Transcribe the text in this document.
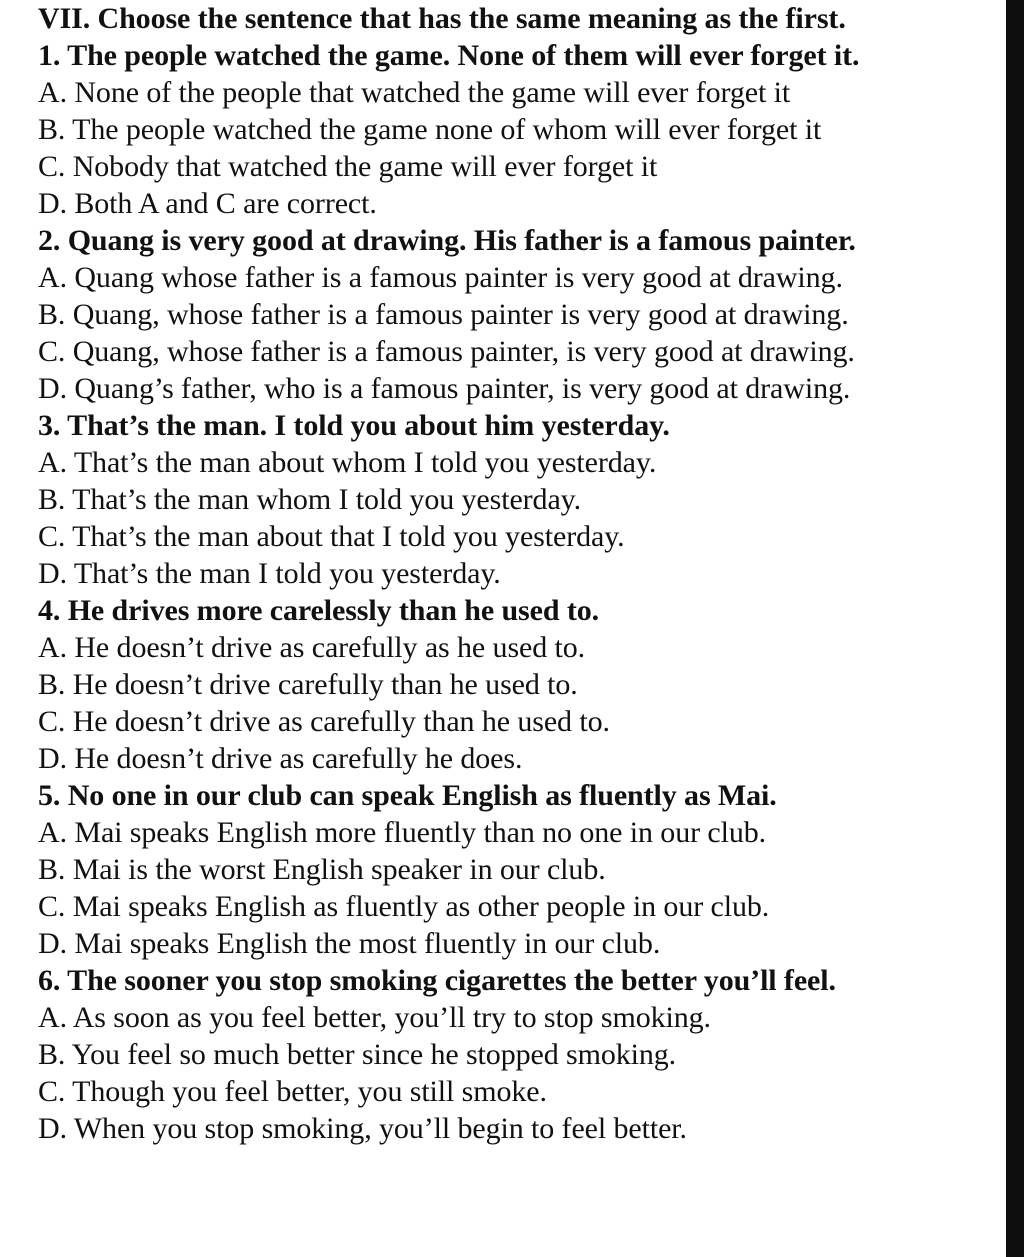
VII. Choose the sentence that has the same meaning as the first.
1. The people watched the game. None of them will ever forget it.
A. None of the people that watched the game will ever forget it
B. The people watched the game none of whom will ever forget it
C. Nobody that watched the game will ever forget it
D. Both A and C are correct.
2. Quang is very good at drawing. His father is a famous painter.
A. Quang whose father is a famous painter is very good at drawing.
B. Quang, whose father is a famous painter is very good at drawing.
C. Quang, whose father is a famous painter, is very good at drawing.
D. Quang’s father, who is a famous painter, is very good at drawing.
3. That’s the man. I told you about him yesterday.
A. That’s the man about whom I told you yesterday.
B. That’s the man whom I told you yesterday.
C. That’s the man about that I told you yesterday.
D. That’s the man I told you yesterday.
4. He drives more carelessly than he used to.
A. He doesn’t drive as carefully as he used to.
B. He doesn’t drive carefully than he used to.
C. He doesn’t drive as carefully than he used to.
D. He doesn’t drive as carefully he does.
5. No one in our club can speak English as fluently as Mai.
A. Mai speaks English more fluently than no one in our club.
B. Mai is the worst English speaker in our club.
C. Mai speaks English as fluently as other people in our club.
D. Mai speaks English the most fluently in our club.
6. The sooner you stop smoking cigarettes the better you’ll feel.
A. As soon as you feel better, you’ll try to stop smoking.
B. You feel so much better since he stopped smoking.
C. Though you feel better, you still smoke.
D. When you stop smoking, you’ll begin to feel better.
